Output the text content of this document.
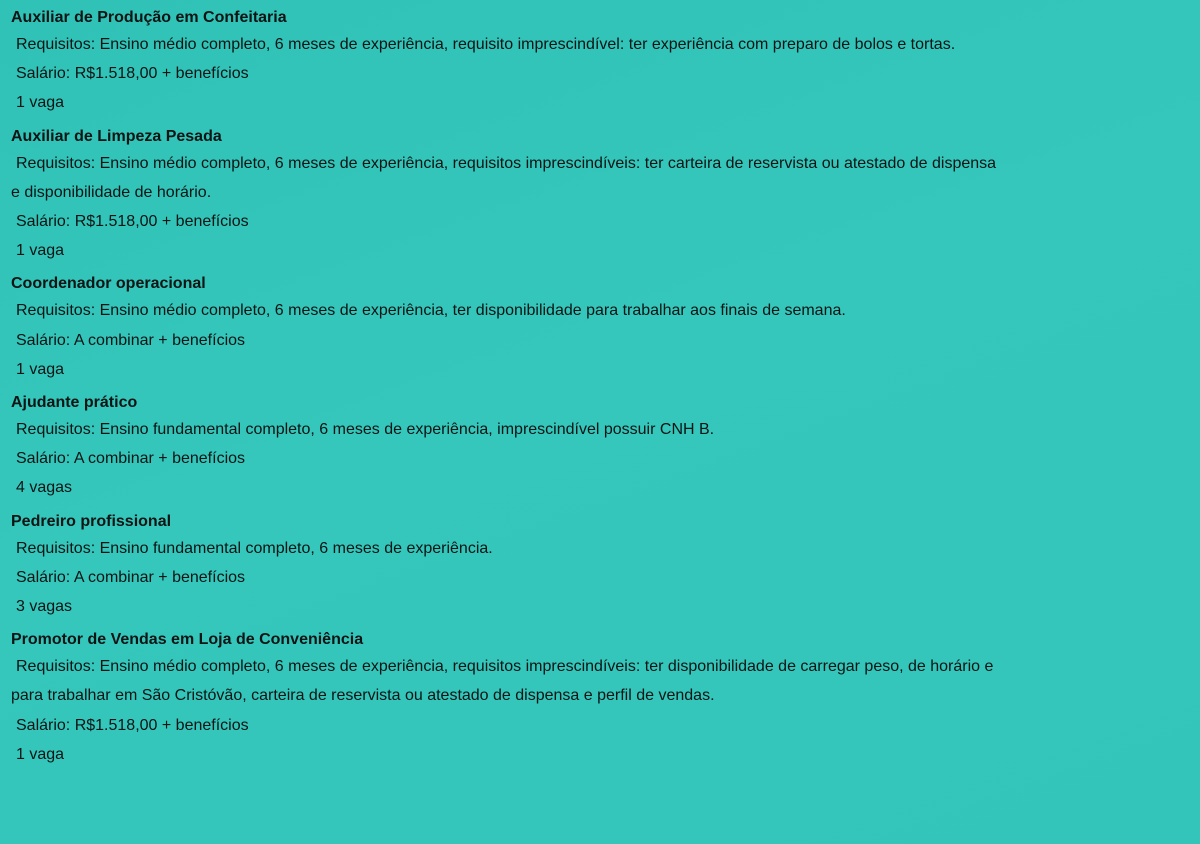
Auxiliar de Produção em Confeitaria

Requisitos: Ensino médio completo, 6 meses de experiência, requisito imprescindível: ter experiência com preparo de bolos e tortas.

Salário: R$1.518,00 + benefícios

1 vaga

Auxiliar de Limpeza Pesada

Requisitos: Ensino médio completo, 6 meses de experiência, requisitos imprescindíveis: ter carteira de reservista ou atestado de dispensa

e disponibilidade de horário.

Salário: R$1.518,00 + benefícios

1 vaga

Coordenador operacional

Requisitos: Ensino médio completo, 6 meses de experiência, ter disponibilidade para trabalhar aos finais de semana.

Salário: A combinar + benefícios

1 vaga

Ajudante prático

Requisitos: Ensino fundamental completo, 6 meses de experiência, imprescindível possuir CNH B.

Salário: A combinar + benefícios

4 vagas

Pedreiro profissional

Requisitos: Ensino fundamental completo, 6 meses de experiência.

Salário: A combinar + benefícios

3 vagas

Promotor de Vendas em Loja de Conveniência

Requisitos: Ensino médio completo, 6 meses de experiência, requisitos imprescindíveis: ter disponibilidade de carregar peso, de horário e

para trabalhar em São Cristóvão, carteira de reservista ou atestado de dispensa e perfil de vendas.

Salário: R$1.518,00 + benefícios

1 vaga
